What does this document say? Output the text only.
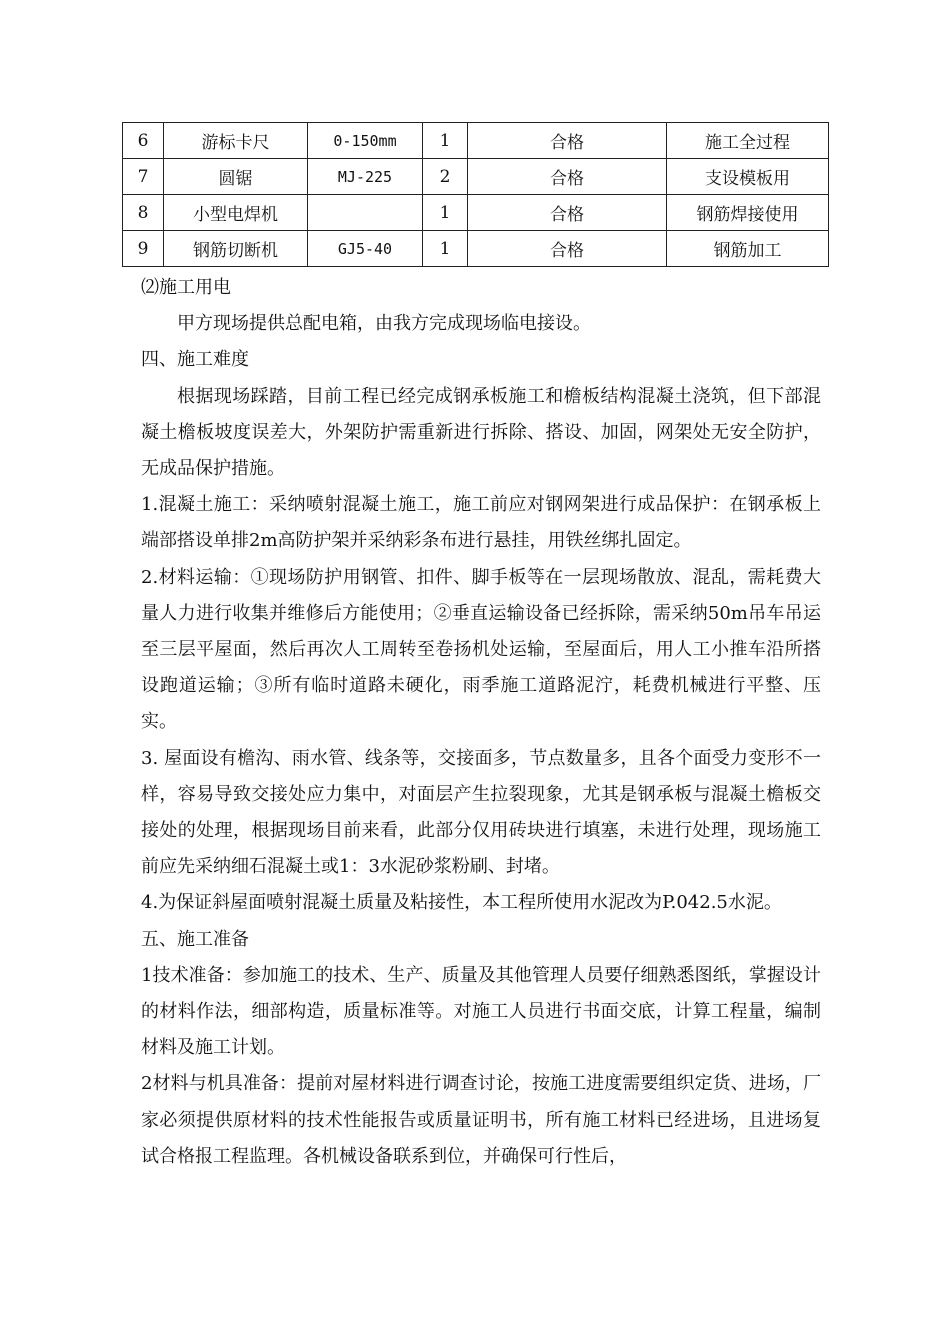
6	游标卡尺	0-150mm	1	合格	施工全过程
7	圆锯	MJ-225	2	合格	支设模板用
8	小型电焊机		1	合格	钢筋焊接使用
9	钢筋切断机	GJ5-40	1	合格	钢筋加工

⑵施工用电

甲方现场提供总配电箱，由我方完成现场临电接设。

四、施工难度

根据现场踩踏，目前工程已经完成钢承板施工和檐板结构混凝土浇筑，但下部混凝土檐板坡度误差大，外架防护需重新进行拆除、搭设、加固，网架处无安全防护，无成品保护措施。

1.混凝土施工：采纳喷射混凝土施工，施工前应对钢网架进行成品保护：在钢承板上端部搭设单排2m高防护架并采纳彩条布进行悬挂，用铁丝绑扎固定。

2.材料运输：①现场防护用钢管、扣件、脚手板等在一层现场散放、混乱，需耗费大量人力进行收集并维修后方能使用；②垂直运输设备已经拆除，需采纳50m吊车吊运至三层平屋面，然后再次人工周转至卷扬机处运输，至屋面后，用人工小推车沿所搭设跑道运输；③所有临时道路未硬化，雨季施工道路泥泞，耗费机械进行平整、压实。

3. 屋面设有檐沟、雨水管、线条等，交接面多，节点数量多，且各个面受力变形不一样，容易导致交接处应力集中，对面层产生拉裂现象，尤其是钢承板与混凝土檐板交接处的处理，根据现场目前来看，此部分仅用砖块进行填塞，未进行处理，现场施工前应先采纳细石混凝土或1：3水泥砂浆粉刷、封堵。

4.为保证斜屋面喷射混凝土质量及粘接性，本工程所使用水泥改为P.042.5水泥。

五、施工准备

1技术准备：参加施工的技术、生产、质量及其他管理人员要仔细熟悉图纸，掌握设计的材料作法，细部构造，质量标准等。对施工人员进行书面交底，计算工程量，编制材料及施工计划。

2材料与机具准备：提前对屋材料进行调查讨论，按施工进度需要组织定货、进场，厂家必须提供原材料的技术性能报告或质量证明书，所有施工材料已经进场，且进场复试合格报工程监理。各机械设备联系到位，并确保可行性后，
